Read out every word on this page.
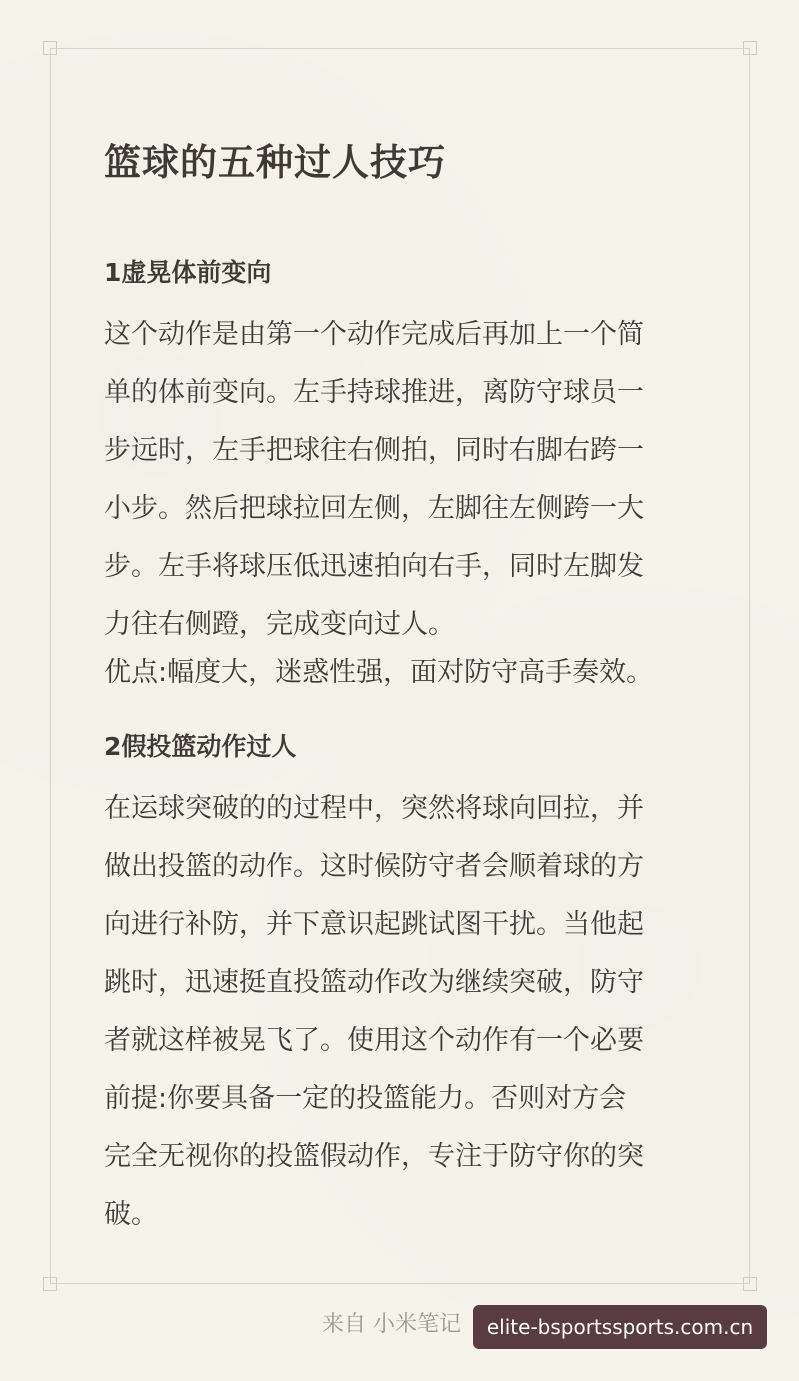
篮球的五种过人技巧
1虚晃体前变向

这个动作是由第一个动作完成后再加上一个简
单的体前变向。左手持球推进，离防守球员一
步远时，左手把球往右侧拍，同时右脚右跨一
小步。然后把球拉回左侧，左脚往左侧跨一大
步。左手将球压低迅速拍向右手，同时左脚发
力往右侧蹬，完成变向过人。

优点:幅度大，迷惑性强，面对防守高手奏效。

2假投篮动作过人

在运球突破的的过程中，突然将球向回拉，并
做出投篮的动作。这时候防守者会顺着球的方
向进行补防，并下意识起跳试图干扰。当他起
跳时，迅速挺直投篮动作改为继续突破，防守
者就这样被晃飞了。使用这个动作有一个必要
前提:你要具备一定的投篮能力。否则对方会
完全无视你的投篮假动作，专注于防守你的突
破。

来自 小米笔记	elite-bsportssports.com.cn
